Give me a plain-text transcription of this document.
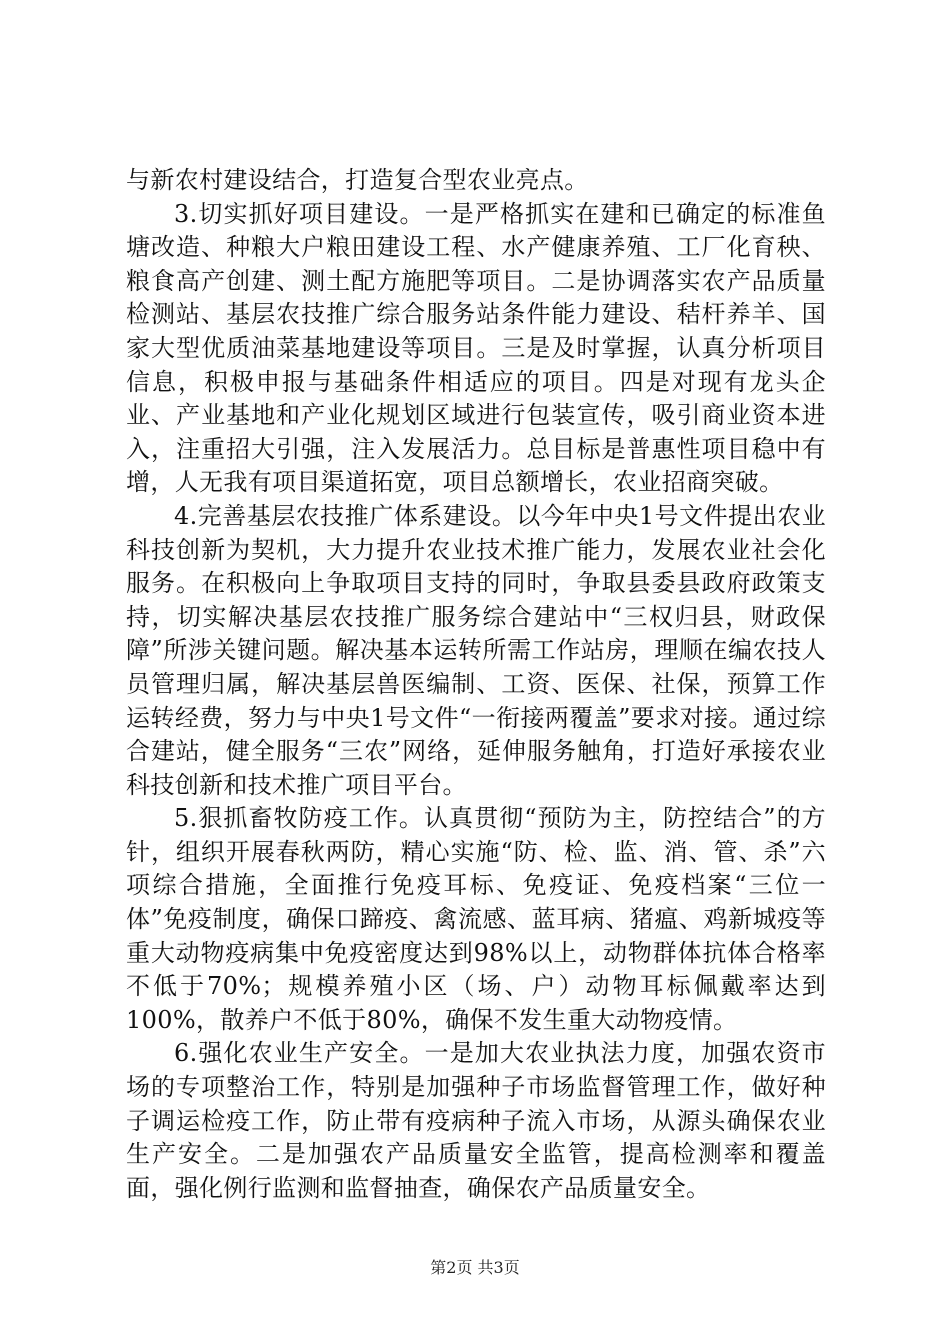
与新农村建设结合，打造复合型农业亮点。

3.切实抓好项目建设。一是严格抓实在建和已确定的标准鱼塘改造、种粮大户粮田建设工程、水产健康养殖、工厂化育秧、粮食高产创建、测土配方施肥等项目。二是协调落实农产品质量检测站、基层农技推广综合服务站条件能力建设、秸杆养羊、国家大型优质油菜基地建设等项目。三是及时掌握，认真分析项目信息，积极申报与基础条件相适应的项目。四是对现有龙头企业、产业基地和产业化规划区域进行包装宣传，吸引商业资本进入，注重招大引强，注入发展活力。总目标是普惠性项目稳中有增，人无我有项目渠道拓宽，项目总额增长，农业招商突破。

4.完善基层农技推广体系建设。以今年中央1号文件提出农业科技创新为契机，大力提升农业技术推广能力，发展农业社会化服务。在积极向上争取项目支持的同时，争取县委县政府政策支持，切实解决基层农技推广服务综合建站中“三权归县，财政保障”所涉关键问题。解决基本运转所需工作站房，理顺在编农技人员管理归属，解决基层兽医编制、工资、医保、社保，预算工作运转经费，努力与中央1号文件“一衔接两覆盖”要求对接。通过综合建站，健全服务“三农”网络，延伸服务触角，打造好承接农业科技创新和技术推广项目平台。

5.狠抓畜牧防疫工作。认真贯彻“预防为主，防控结合”的方针，组织开展春秋两防，精心实施“防、检、监、消、管、杀”六项综合措施，全面推行免疫耳标、免疫证、免疫档案“三位一体”免疫制度，确保口蹄疫、禽流感、蓝耳病、猪瘟、鸡新城疫等重大动物疫病集中免疫密度达到98%以上，动物群体抗体合格率不低于70%；规模养殖小区（场、户）动物耳标佩戴率达到100%，散养户不低于80%，确保不发生重大动物疫情。

6.强化农业生产安全。一是加大农业执法力度，加强农资市场的专项整治工作，特别是加强种子市场监督管理工作，做好种子调运检疫工作，防止带有疫病种子流入市场，从源头确保农业生产安全。二是加强农产品质量安全监管，提高检测率和覆盖面，强化例行监测和监督抽查，确保农产品质量安全。

第2页 共3页
